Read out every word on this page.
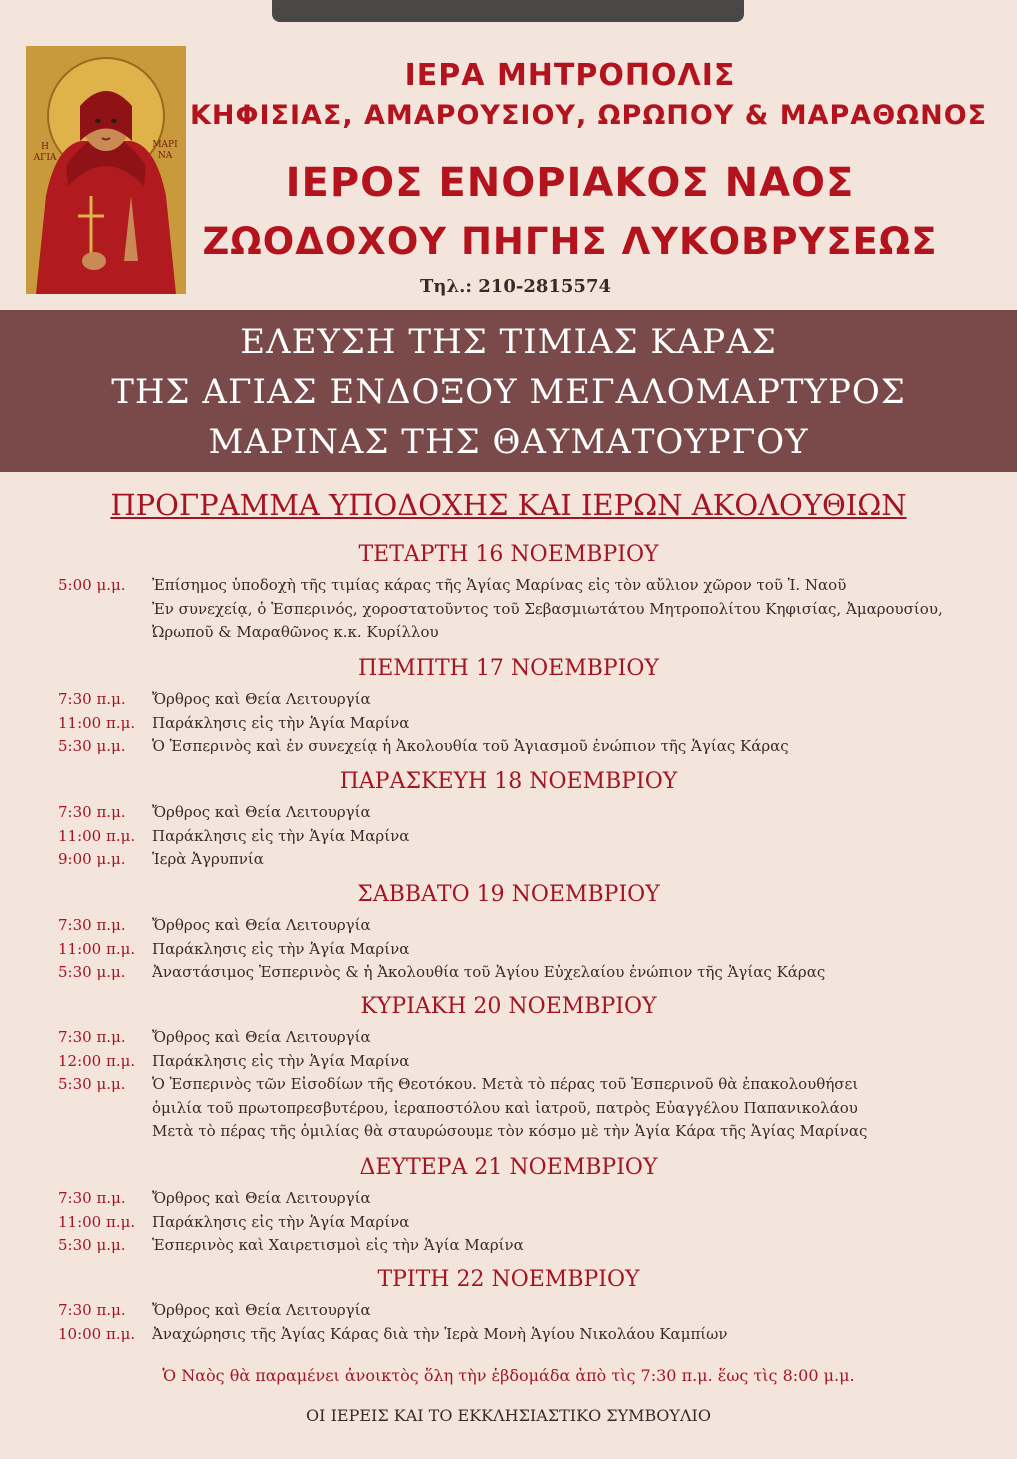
Η ΑΓΙΑ
ΜΑΡΙ ΝΑ
ΙΕΡΑ ΜΗΤΡΟΠΟΛΙΣ
ΚΗΦΙΣΙΑΣ, ΑΜΑΡΟΥΣΙΟΥ, ΩΡΩΠΟΥ & ΜΑΡΑΘΩΝΟΣ
ΙΕΡΟΣ ΕΝΟΡΙΑΚΟΣ ΝΑΟΣ
ΖΩΟΔΟΧΟΥ ΠΗΓΗΣ ΛΥΚΟΒΡΥΣΕΩΣ
Τηλ.: 210-2815574
ΕΛΕΥΣΗ ΤΗΣ ΤΙΜΙΑΣ ΚΑΡΑΣ
ΤΗΣ ΑΓΙΑΣ ΕΝΔΟΞΟΥ ΜΕΓΑΛΟΜΑΡΤΥΡΟΣ
ΜΑΡΙΝΑΣ ΤΗΣ ΘΑΥΜΑΤΟΥΡΓΟΥ
ΠΡΟΓΡΑΜΜΑ ΥΠΟΔΟΧΗΣ ΚΑΙ ΙΕΡΩΝ ΑΚΟΛΟΥΘΙΩΝ
ΤΕΤΑΡΤΗ 16 ΝΟΕΜΒΡΙΟΥ
5:00 μ.μ. Ἐπίσημος ὑποδοχὴ τῆς τιμίας κάρας τῆς Ἁγίας Μαρίνας εἰς τὸν αὔλιον χῶρον τοῦ Ἱ. Ναοῦ
Ἐν συνεχείᾳ, ὁ Ἑσπερινός, χοροστατοῦντος τοῦ Σεβασμιωτάτου Μητροπολίτου Κηφισίας, Ἀμαρουσίου,
Ὠρωποῦ & Μαραθῶνος κ.κ. Κυρίλλου
ΠΕΜΠΤΗ 17 ΝΟΕΜΒΡΙΟΥ
7:30 π.μ. Ὄρθρος καὶ Θεία Λειτουργία
11:00 π.μ. Παράκλησις εἰς τὴν Ἁγία Μαρίνα
5:30 μ.μ. Ὁ Ἑσπερινὸς καὶ ἐν συνεχείᾳ ἡ Ἀκολουθία τοῦ Ἁγιασμοῦ ἐνώπιον τῆς Ἁγίας Κάρας
ΠΑΡΑΣΚΕΥΗ 18 ΝΟΕΜΒΡΙΟΥ
7:30 π.μ. Ὄρθρος καὶ Θεία Λειτουργία
11:00 π.μ. Παράκλησις εἰς τὴν Ἁγία Μαρίνα
9:00 μ.μ. Ἱερὰ Ἀγρυπνία
ΣΑΒΒΑΤΟ 19 ΝΟΕΜΒΡΙΟΥ
7:30 π.μ. Ὄρθρος καὶ Θεία Λειτουργία
11:00 π.μ. Παράκλησις εἰς τὴν Ἁγία Μαρίνα
5:30 μ.μ. Ἀναστάσιμος Ἑσπερινὸς & ἡ Ἀκολουθία τοῦ Ἁγίου Εὐχελαίου ἐνώπιον τῆς Ἁγίας Κάρας
ΚΥΡΙΑΚΗ 20 ΝΟΕΜΒΡΙΟΥ
7:30 π.μ. Ὄρθρος καὶ Θεία Λειτουργία
12:00 π.μ. Παράκλησις εἰς τὴν Ἁγία Μαρίνα
5:30 μ.μ. Ὁ Ἑσπερινὸς τῶν Εἰσοδίων τῆς Θεοτόκου. Μετὰ τὸ πέρας τοῦ Ἑσπερινοῦ θὰ ἐπακολουθήσει
ὁμιλία τοῦ πρωτοπρεσβυτέρου, ἱεραποστόλου καὶ ἰατροῦ, πατρὸς Εὐαγγέλου Παπανικολάου
Μετὰ τὸ πέρας τῆς ὁμιλίας θὰ σταυρώσουμε τὸν κόσμο μὲ τὴν Ἁγία Κάρα τῆς Ἁγίας Μαρίνας
ΔΕΥΤΕΡΑ 21 ΝΟΕΜΒΡΙΟΥ
7:30 π.μ. Ὄρθρος καὶ Θεία Λειτουργία
11:00 π.μ. Παράκλησις εἰς τὴν Ἁγία Μαρίνα
5:30 μ.μ. Ἑσπερινὸς καὶ Χαιρετισμοὶ εἰς τὴν Ἁγία Μαρίνα
ΤΡΙΤΗ 22 ΝΟΕΜΒΡΙΟΥ
7:30 π.μ. Ὄρθρος καὶ Θεία Λειτουργία
10:00 π.μ. Ἀναχώρησις τῆς Ἁγίας Κάρας διὰ τὴν Ἱερὰ Μονὴ Ἁγίου Νικολάου Καμπίων
Ὁ Ναὸς θὰ παραμένει ἀνοικτὸς ὅλη τὴν ἑβδομάδα ἀπὸ τὶς 7:30 π.μ. ἕως τὶς 8:00 μ.μ.
ΟΙ ΙΕΡΕΙΣ ΚΑΙ ΤΟ ΕΚΚΛΗΣΙΑΣΤΙΚΟ ΣΥΜΒΟΥΛΙΟ
